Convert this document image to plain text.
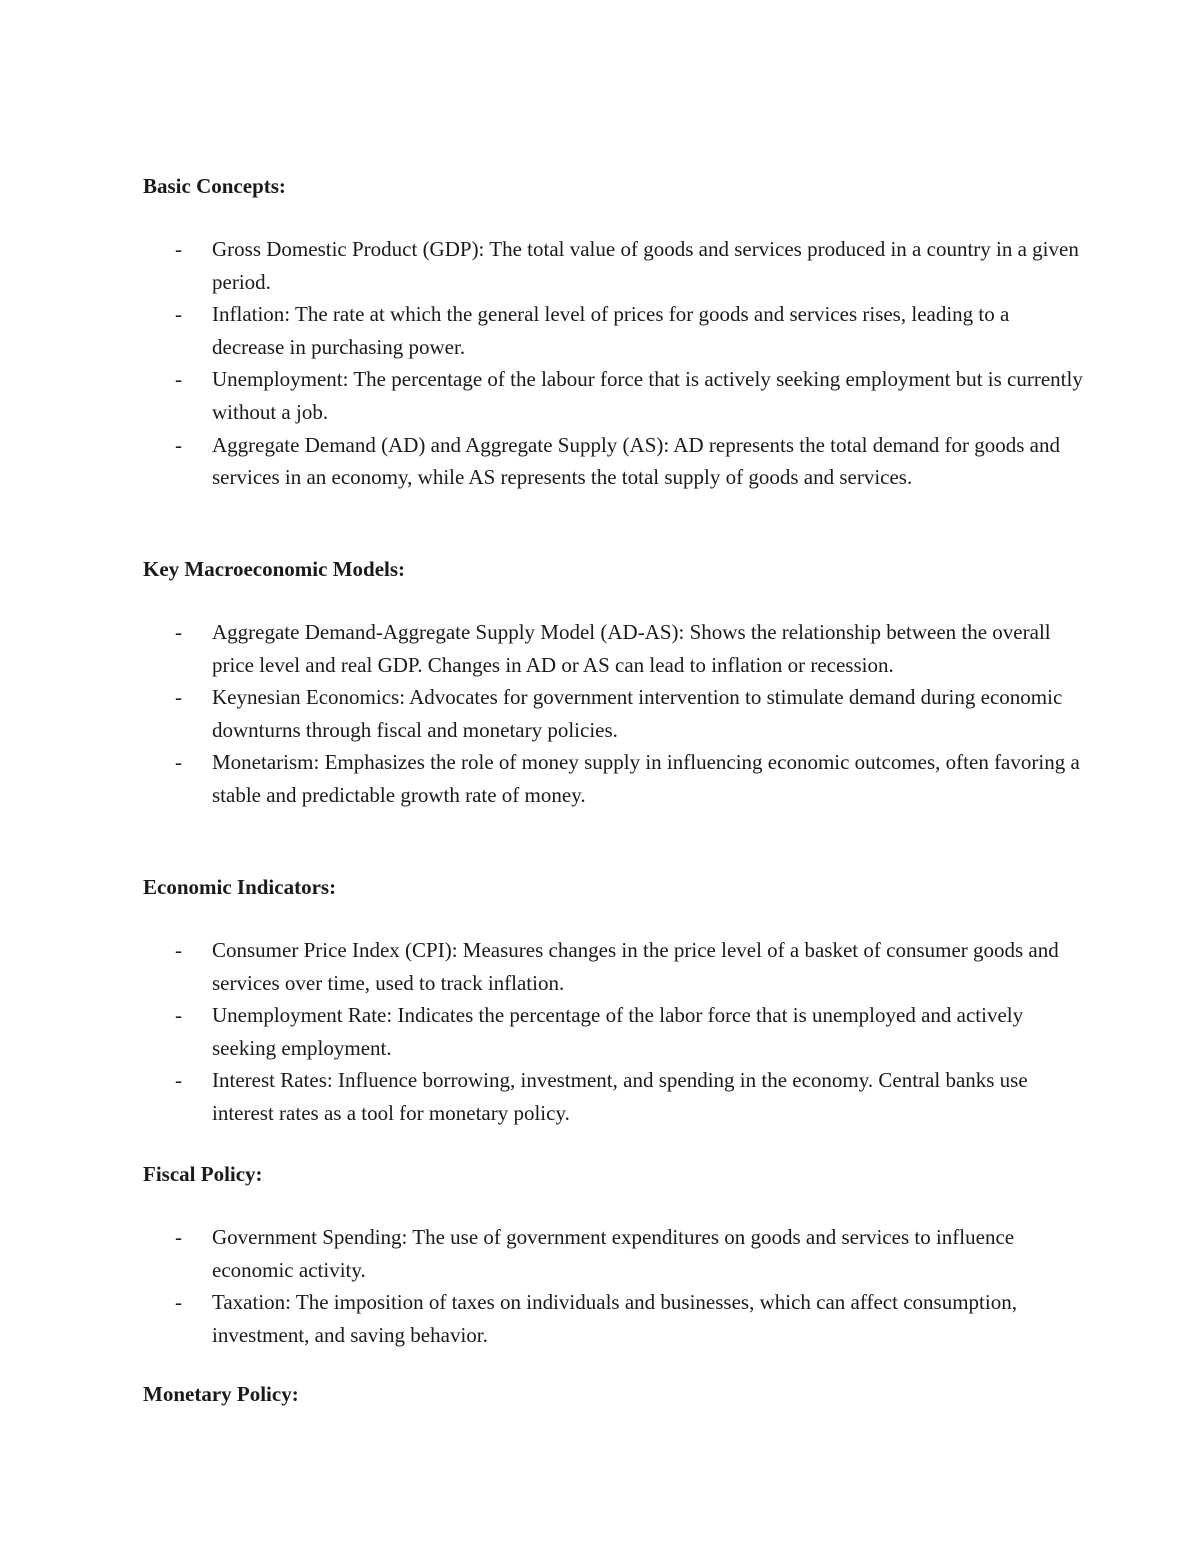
Basic Concepts:

- Gross Domestic Product (GDP): The total value of goods and services produced in a country in a given period.
- Inflation: The rate at which the general level of prices for goods and services rises, leading to a decrease in purchasing power.
- Unemployment: The percentage of the labour force that is actively seeking employment but is currently without a job.
- Aggregate Demand (AD) and Aggregate Supply (AS): AD represents the total demand for goods and services in an economy, while AS represents the total supply of goods and services.

Key Macroeconomic Models:

- Aggregate Demand-Aggregate Supply Model (AD-AS): Shows the relationship between the overall price level and real GDP. Changes in AD or AS can lead to inflation or recession.
- Keynesian Economics: Advocates for government intervention to stimulate demand during economic downturns through fiscal and monetary policies.
- Monetarism: Emphasizes the role of money supply in influencing economic outcomes, often favoring a stable and predictable growth rate of money.

Economic Indicators:

- Consumer Price Index (CPI): Measures changes in the price level of a basket of consumer goods and services over time, used to track inflation.
- Unemployment Rate: Indicates the percentage of the labor force that is unemployed and actively seeking employment.
- Interest Rates: Influence borrowing, investment, and spending in the economy. Central banks use interest rates as a tool for monetary policy.

Fiscal Policy:

- Government Spending: The use of government expenditures on goods and services to influence economic activity.
- Taxation: The imposition of taxes on individuals and businesses, which can affect consumption, investment, and saving behavior.

Monetary Policy:
